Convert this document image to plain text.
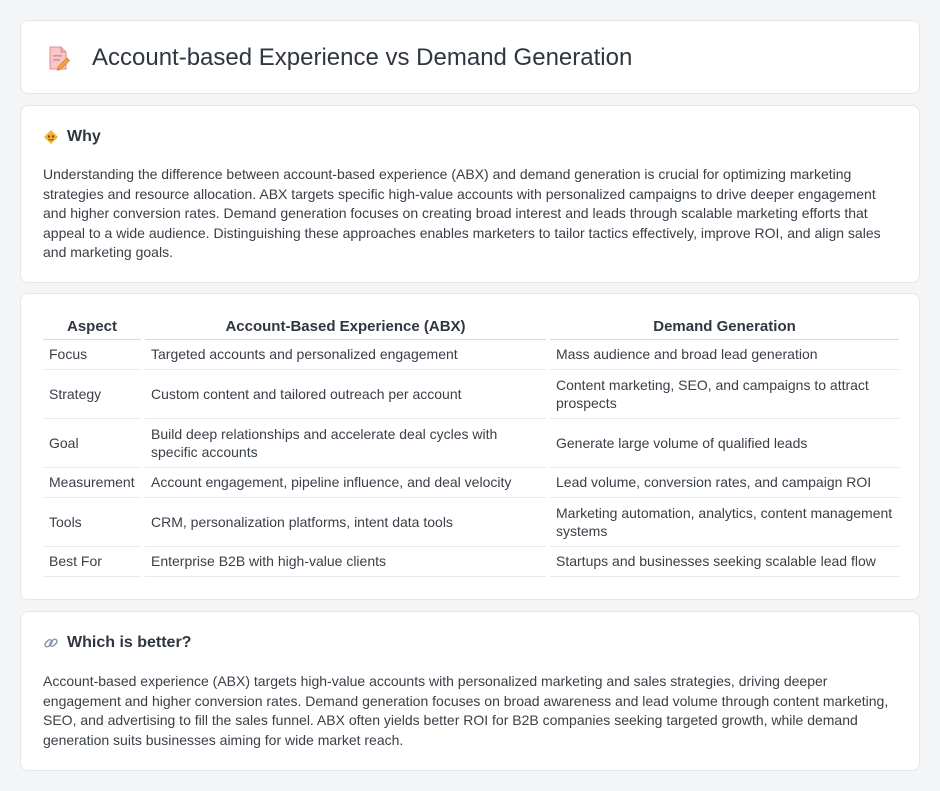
Account-based Experience vs Demand Generation
Why

Understanding the difference between account-based experience (ABX) and demand generation is crucial for optimizing marketing strategies and resource allocation. ABX targets specific high-value accounts with personalized campaigns to drive deeper engagement and higher conversion rates. Demand generation focuses on creating broad interest and leads through scalable marketing efforts that appeal to a wide audience. Distinguishing these approaches enables marketers to tailor tactics effectively, improve ROI, and align sales and marketing goals.

Aspect	Account-Based Experience (ABX)	Demand Generation
Focus	Targeted accounts and personalized engagement	Mass audience and broad lead generation
Strategy	Custom content and tailored outreach per account	Content marketing, SEO, and campaigns to attract prospects
Goal	Build deep relationships and accelerate deal cycles with specific accounts	Generate large volume of qualified leads
Measurement	Account engagement, pipeline influence, and deal velocity	Lead volume, conversion rates, and campaign ROI
Tools	CRM, personalization platforms, intent data tools	Marketing automation, analytics, content management systems
Best For	Enterprise B2B with high-value clients	Startups and businesses seeking scalable lead flow
Which is better?

Account-based experience (ABX) targets high-value accounts with personalized marketing and sales strategies, driving deeper engagement and higher conversion rates. Demand generation focuses on broad awareness and lead volume through content marketing, SEO, and advertising to fill the sales funnel. ABX often yields better ROI for B2B companies seeking targeted growth, while demand generation suits businesses aiming for wide market reach.
